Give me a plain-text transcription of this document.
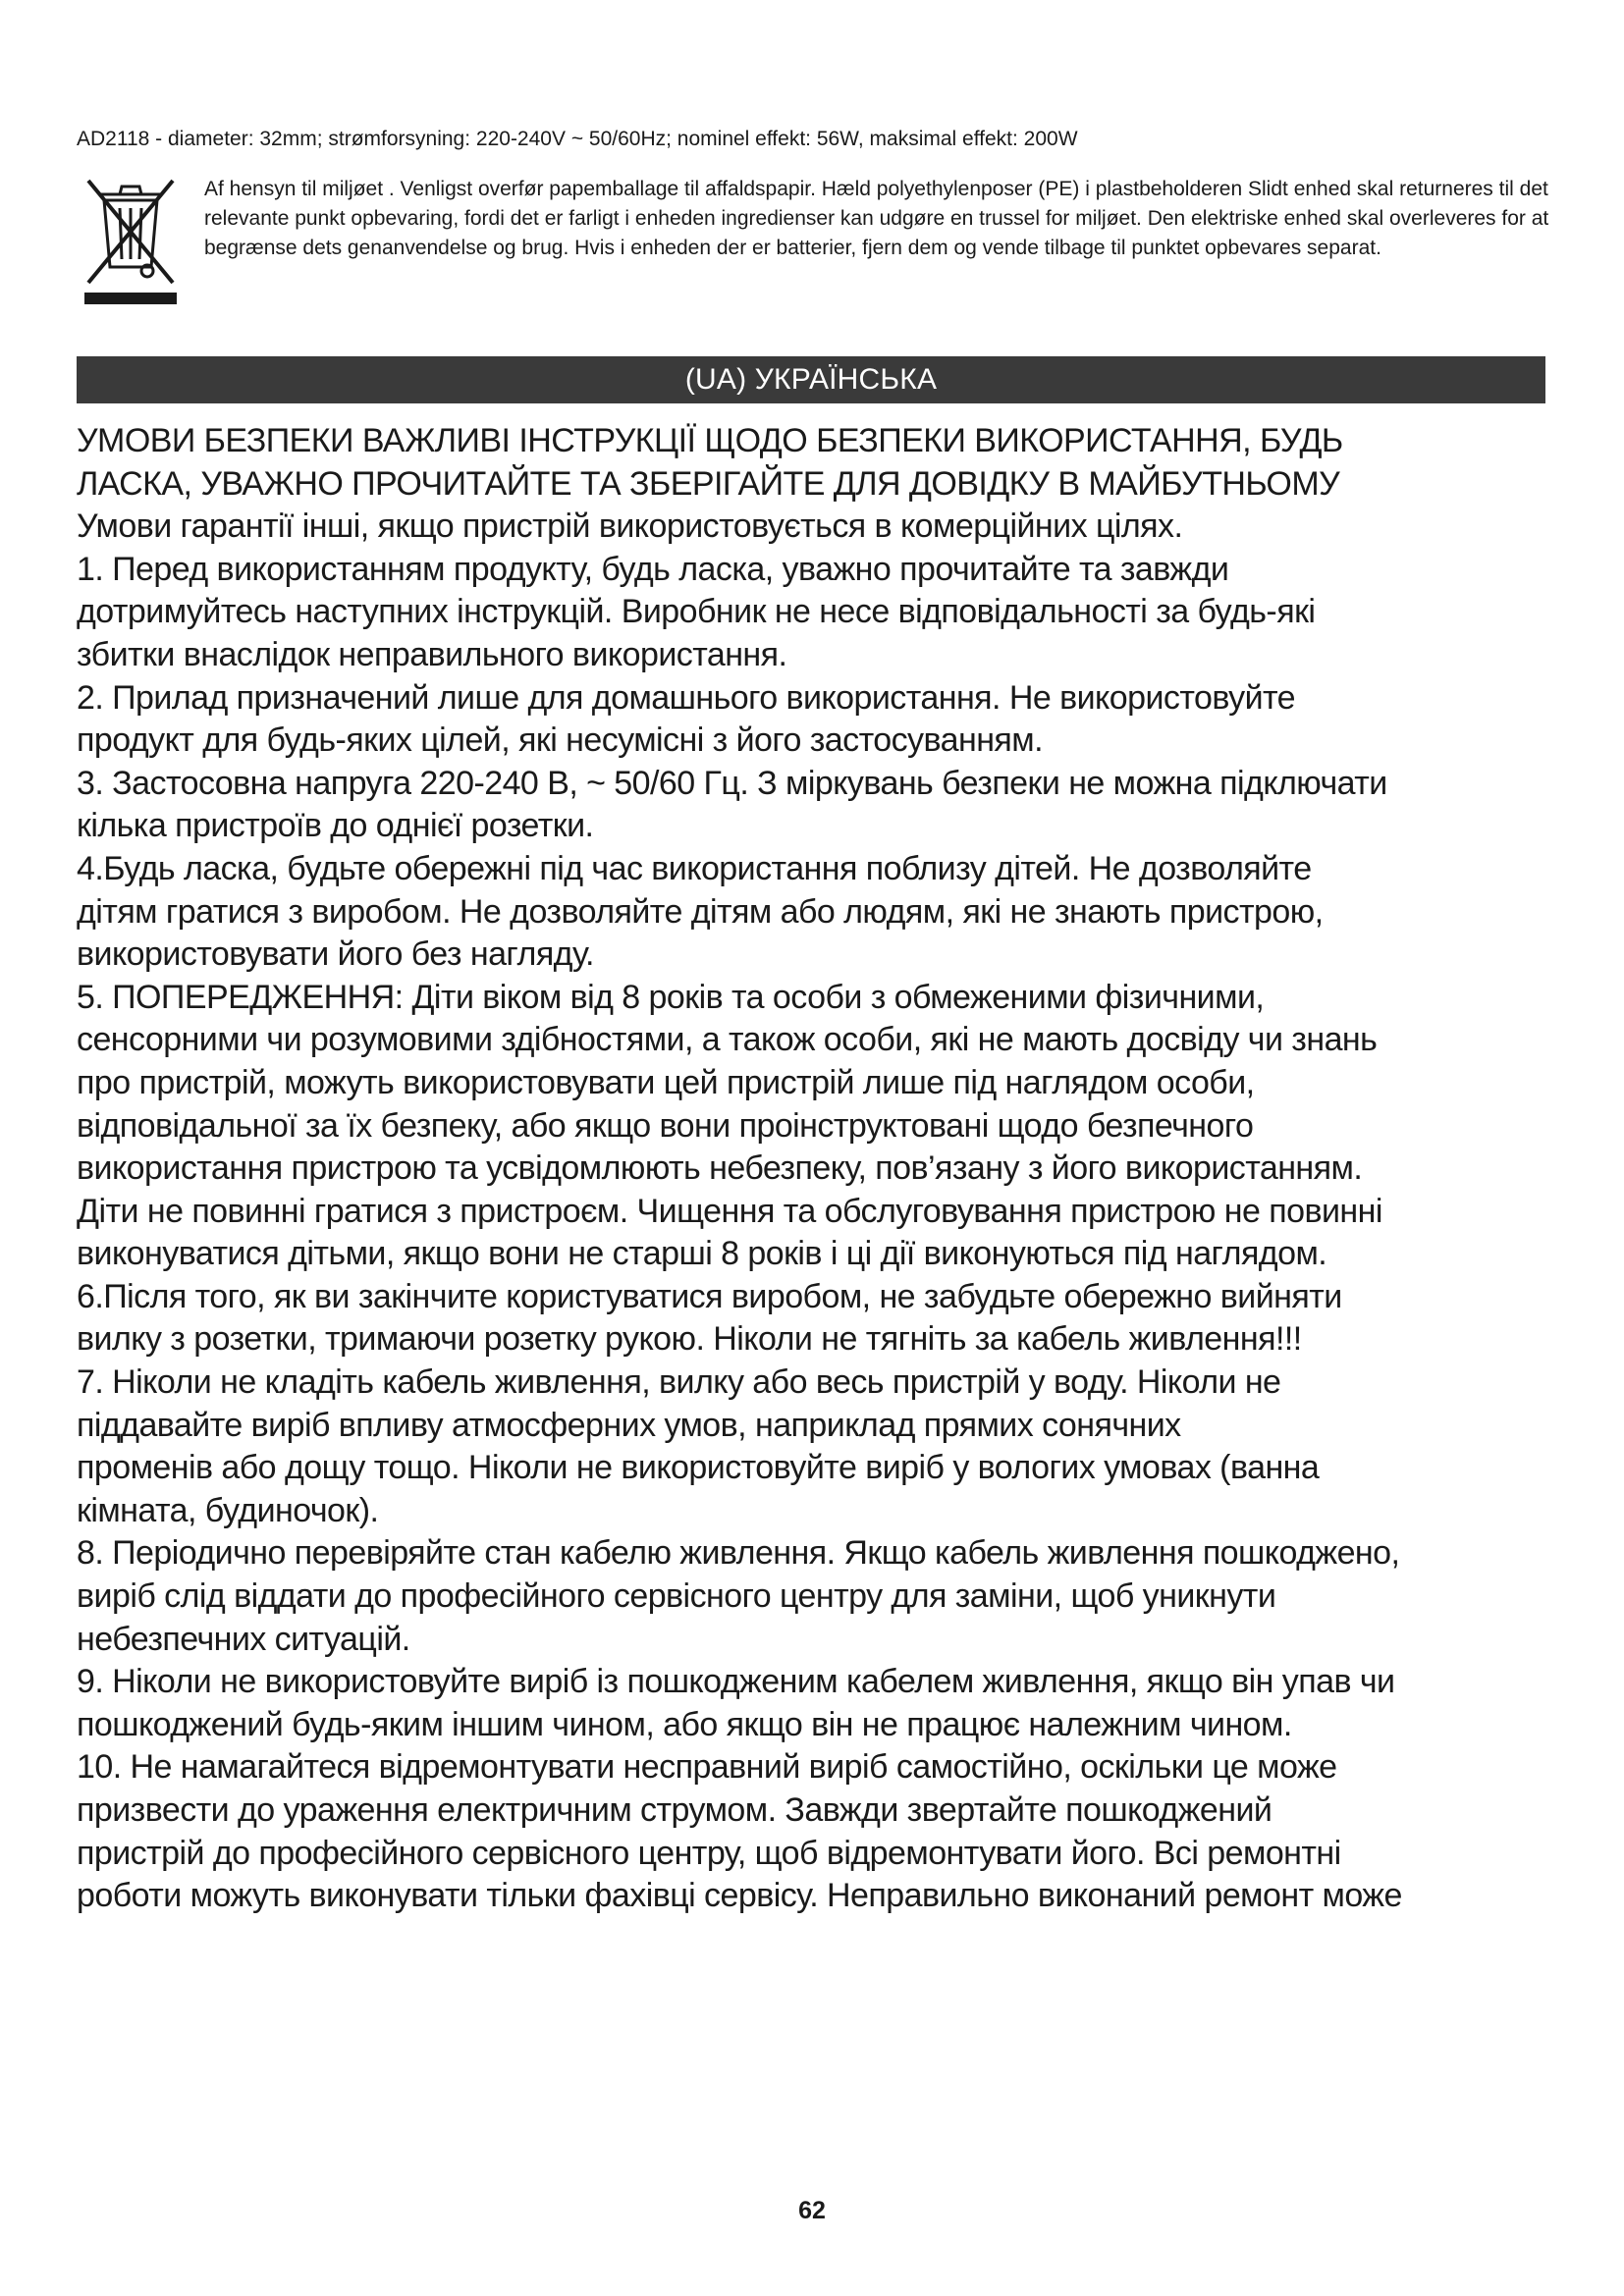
AD2118 - diameter: 32mm; strømforsyning: 220-240V ~ 50/60Hz; nominel effekt: 56W, maksimal effekt: 200W
Af hensyn til miljøet . Venligst overfør papemballage til affaldspapir. Hæld polyethylenposer (PE) i plastbeholderen Slidt enhed skal returneres til det relevante punkt opbevaring, fordi det er farligt i enheden ingredienser kan udgøre en trussel for miljøet. Den elektriske enhed skal overleveres for at begrænse dets genanvendelse og brug. Hvis i enheden der er batterier, fjern dem og vende tilbage til punktet opbevares separat.
(UA) УКРАЇНСЬКА

УМОВИ БЕЗПЕКИ ВАЖЛИВІ ІНСТРУКЦІЇ ЩОДО БЕЗПЕКИ ВИКОРИСТАННЯ, БУДЬ

ЛАСКА, УВАЖНО ПРОЧИТАЙТЕ ТА ЗБЕРІГАЙТЕ ДЛЯ ДОВІДКУ В МАЙБУТНЬОМУ

Умови гарантії інші, якщо пристрій використовується в комерційних цілях.

1. Перед використанням продукту, будь ласка, уважно прочитайте та завжди

дотримуйтесь наступних інструкцій. Виробник не несе відповідальності за будь-які

збитки внаслідок неправильного використання.

2. Прилад призначений лише для домашнього використання. Не використовуйте

продукт для будь-яких цілей, які несумісні з його застосуванням.

3. Застосовна напруга 220-240 В, ~ 50/60 Гц. З міркувань безпеки не можна підключати

кілька пристроїв до однієї розетки.

4.Будь ласка, будьте обережні під час використання поблизу дітей. Не дозволяйте

дітям гратися з виробом. Не дозволяйте дітям або людям, які не знають пристрою,

використовувати його без нагляду.

5. ПОПЕРЕДЖЕННЯ: Діти віком від 8 років та особи з обмеженими фізичними,

сенсорними чи розумовими здібностями, а також особи, які не мають досвіду чи знань

про пристрій, можуть використовувати цей пристрій лише під наглядом особи,

відповідальної за їх безпеку, або якщо вони проінструктовані щодо безпечного

використання пристрою та усвідомлюють небезпеку, пов’язану з його використанням.

Діти не повинні гратися з пристроєм. Чищення та обслуговування пристрою не повинні

виконуватися дітьми, якщо вони не старші 8 років і ці дії виконуються під наглядом.

6.Після того, як ви закінчите користуватися виробом, не забудьте обережно вийняти

вилку з розетки, тримаючи розетку рукою. Ніколи не тягніть за кабель живлення!!!

7. Ніколи не кладіть кабель живлення, вилку або весь пристрій у воду. Ніколи не

піддавайте виріб впливу атмосферних умов, наприклад прямих сонячних

променів або дощу тощо. Ніколи не використовуйте виріб у вологих умовах (ванна

кімната, будиночок).

8. Періодично перевіряйте стан кабелю живлення. Якщо кабель живлення пошкоджено,

виріб слід віддати до професійного сервісного центру для заміни, щоб уникнути

небезпечних ситуацій.

9. Ніколи не використовуйте виріб із пошкодженим кабелем живлення, якщо він упав чи

пошкоджений будь-яким іншим чином, або якщо він не працює належним чином.

10. Не намагайтеся відремонтувати несправний виріб самостійно, оскільки це може

призвести до ураження електричним струмом. Завжди звертайте пошкоджений

пристрій до професійного сервісного центру, щоб відремонтувати його. Всі ремонтні

роботи можуть виконувати тільки фахівці сервісу. Неправильно виконаний ремонт може

62
